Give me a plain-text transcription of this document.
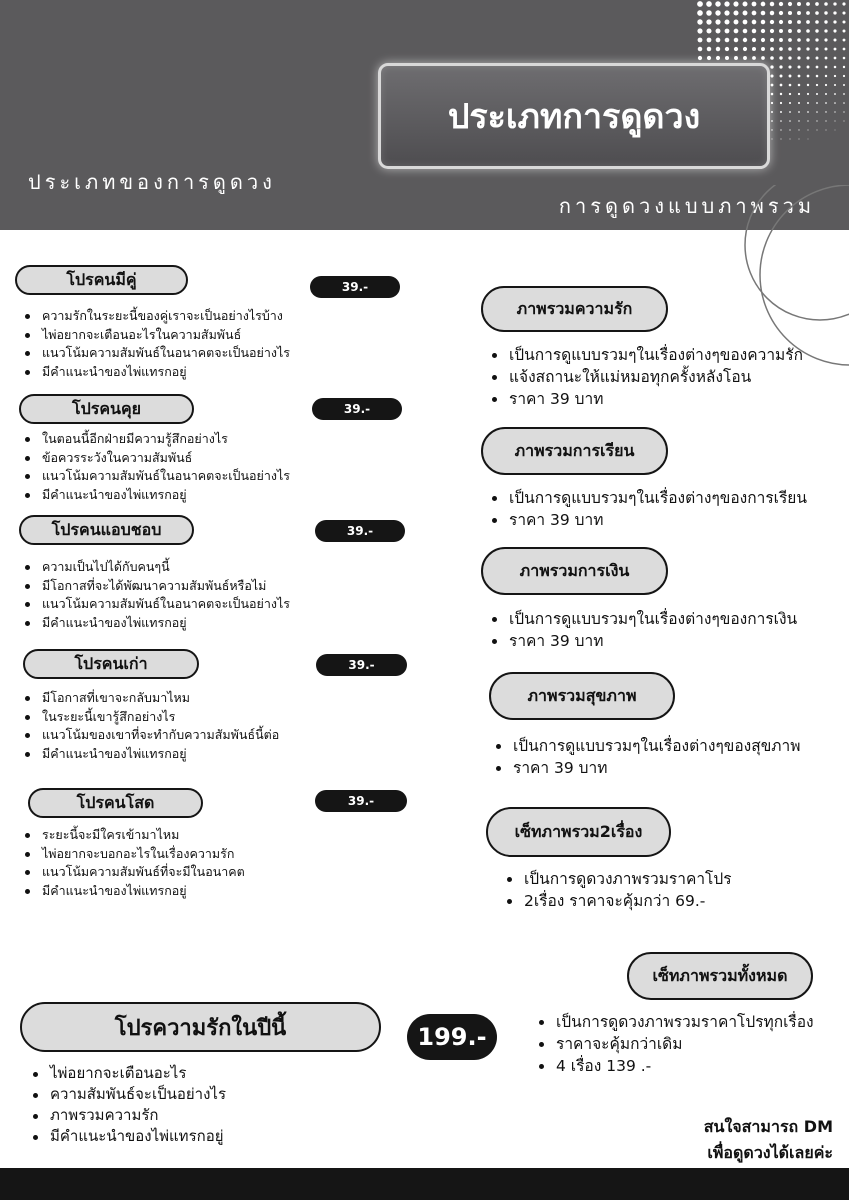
ประเภทการดูดวง
ประเภทของการดูดวง
การดูดวงแบบภาพรวม
โปรคนมีคู่	39.-
ความรักในระยะนี้ของคู่เราจะเป็นอย่างไรบ้าง
ไพ่อยากจะเตือนอะไรในความสัมพันธ์
แนวโน้มความสัมพันธ์ในอนาคตจะเป็นอย่างไร
มีคำแนะนำของไพ่แทรกอยู่
โปรคนคุย	39.-
ในตอนนี้อีกฝ่ายมีความรู้สึกอย่างไร
ข้อควรระวังในความสัมพันธ์
แนวโน้มความสัมพันธ์ในอนาคตจะเป็นอย่างไร
มีคำแนะนำของไพ่แทรกอยู่
โปรคนแอบชอบ	39.-
ความเป็นไปได้กับคนๆนี้
มีโอกาสที่จะได้พัฒนาความสัมพันธ์หรือไม่
แนวโน้มความสัมพันธ์ในอนาคตจะเป็นอย่างไร
มีคำแนะนำของไพ่แทรกอยู่
โปรคนเก่า	39.-
มีโอกาสที่เขาจะกลับมาไหม
ในระยะนี้เขารู้สึกอย่างไร
แนวโน้มของเขาที่จะทำกับความสัมพันธ์นี้ต่อ
มีคำแนะนำของไพ่แทรกอยู่
โปรคนโสด	39.-
ระยะนี้จะมีใครเข้ามาไหม
ไพ่อยากจะบอกอะไรในเรื่องความรัก
แนวโน้มความสัมพันธ์ที่จะมีในอนาคต
มีคำแนะนำของไพ่แทรกอยู่
ภาพรวมความรัก
เป็นการดูแบบรวมๆในเรื่องต่างๆของความรัก
แจ้งสถานะให้แม่หมอทุกครั้งหลังโอน
ราคา 39 บาท
ภาพรวมการเรียน
เป็นการดูแบบรวมๆในเรื่องต่างๆของการเรียน
ราคา 39 บาท
ภาพรวมการเงิน
เป็นการดูแบบรวมๆในเรื่องต่างๆของการเงิน
ราคา 39 บาท
ภาพรวมสุขภาพ
เป็นการดูแบบรวมๆในเรื่องต่างๆของสุขภาพ
ราคา 39 บาท
เซ็ทภาพรวม2เรื่อง
เป็นการดูดวงภาพรวมราคาโปร
2เรื่อง ราคาจะคุ้มกว่า 69.-
เซ็ทภาพรวมทั้งหมด
เป็นการดูดวงภาพรวมราคาโปรทุกเรื่อง
ราคาจะคุ้มกว่าเดิม
4 เรื่อง 139 .-
โปรความรักในปีนี้	199.-
ไพ่อยากจะเตือนอะไร
ความสัมพันธ์จะเป็นอย่างไร
ภาพรวมความรัก
มีคำแนะนำของไพ่แทรกอยู่	สนใจสามารถ DM
เพื่อดูดวงได้เลยค่ะ
